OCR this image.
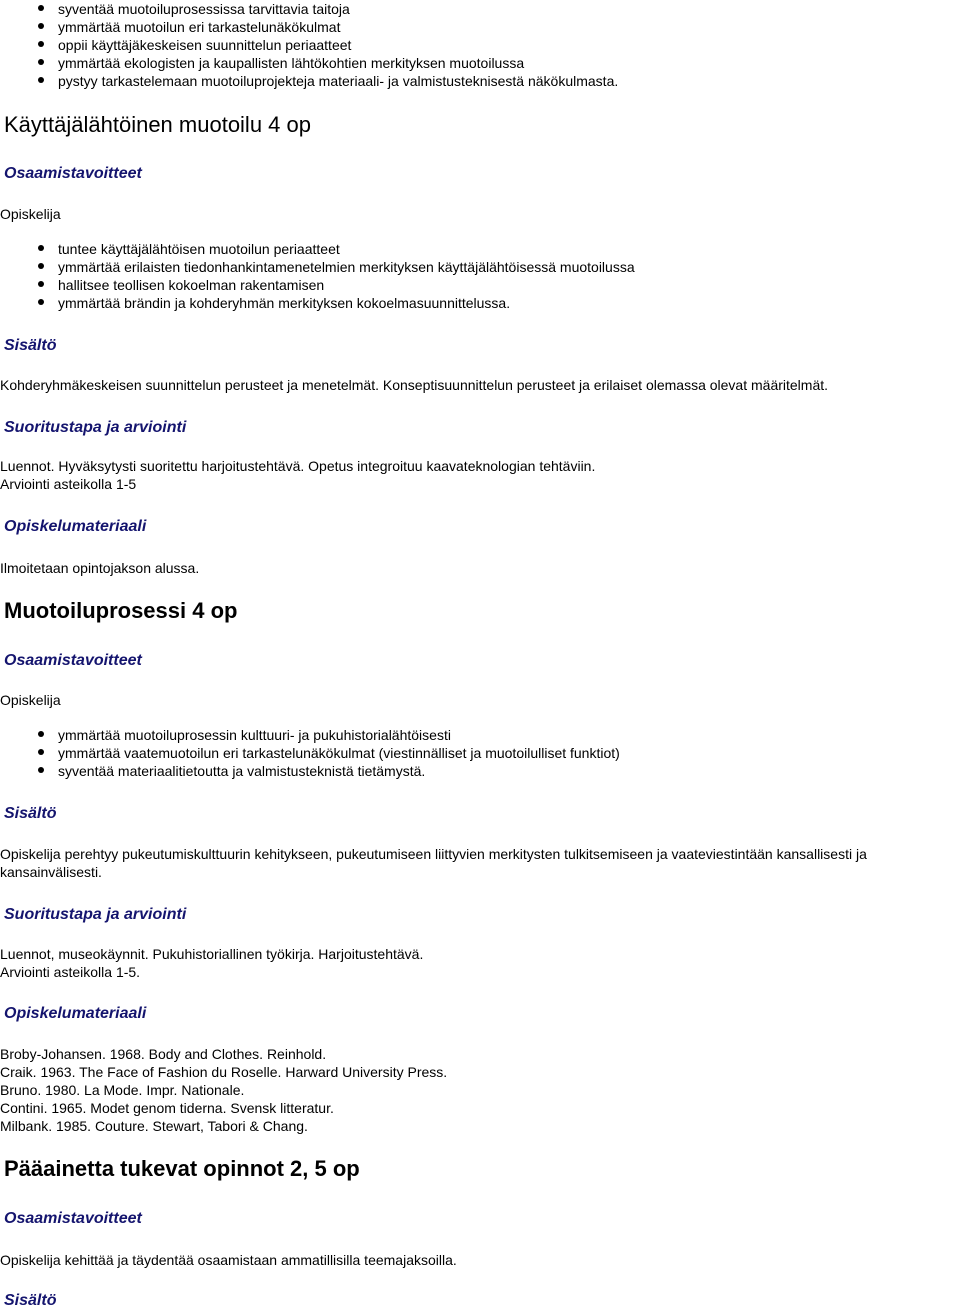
syventää muotoiluprosessissa tarvittavia taitoja
ymmärtää muotoilun eri tarkastelunäkökulmat
oppii käyttäjäkeskeisen suunnittelun periaatteet
ymmärtää ekologisten ja kaupallisten lähtökohtien merkityksen muotoilussa
pystyy tarkastelemaan muotoiluprojekteja materiaali- ja valmistusteknisestä näkökulmasta.
Käyttäjälähtöinen muotoilu 4 op
Osaamistavoitteet
Opiskelija
tuntee käyttäjälähtöisen muotoilun periaatteet
ymmärtää erilaisten tiedonhankintamenetelmien merkityksen käyttäjälähtöisessä muotoilussa
hallitsee teollisen kokoelman rakentamisen
ymmärtää brändin ja kohderyhmän merkityksen kokoelmasuunnittelussa.
Sisältö
Kohderyhmäkeskeisen suunnittelun perusteet ja menetelmät. Konseptisuunnittelun perusteet ja erilaiset olemassa olevat määritelmät.
Suoritustapa ja arviointi
Luennot. Hyväksytysti suoritettu harjoitustehtävä. Opetus integroituu kaavateknologian tehtäviin.
Arviointi asteikolla 1-5
Opiskelumateriaali
Ilmoitetaan opintojakson alussa.
Muotoiluprosessi 4 op
Osaamistavoitteet
Opiskelija
ymmärtää muotoiluprosessin kulttuuri- ja pukuhistorialähtöisesti
ymmärtää vaatemuotoilun eri tarkastelunäkökulmat (viestinnälliset ja muotoilulliset funktiot)
syventää materiaalitietoutta ja valmistusteknistä tietämystä.
Sisältö
Opiskelija perehtyy pukeutumiskulttuurin kehitykseen, pukeutumiseen liittyvien merkitysten tulkitsemiseen ja vaateviestintään kansallisesti ja
kansainvälisesti.
Suoritustapa ja arviointi
Luennot, museokäynnit. Pukuhistoriallinen työkirja. Harjoitustehtävä.
Arviointi asteikolla 1-5.
Opiskelumateriaali
Broby-Johansen. 1968. Body and Clothes. Reinhold.
Craik. 1963. The Face of Fashion du Roselle. Harward University Press.
Bruno. 1980. La Mode. Impr. Nationale.
Contini. 1965. Modet genom tiderna. Svensk litteratur.
Milbank. 1985. Couture. Stewart, Tabori & Chang.
Pääainetta tukevat opinnot 2, 5 op
Osaamistavoitteet
Opiskelija kehittää ja täydentää osaamistaan ammatillisilla teemajaksoilla.
Sisältö
